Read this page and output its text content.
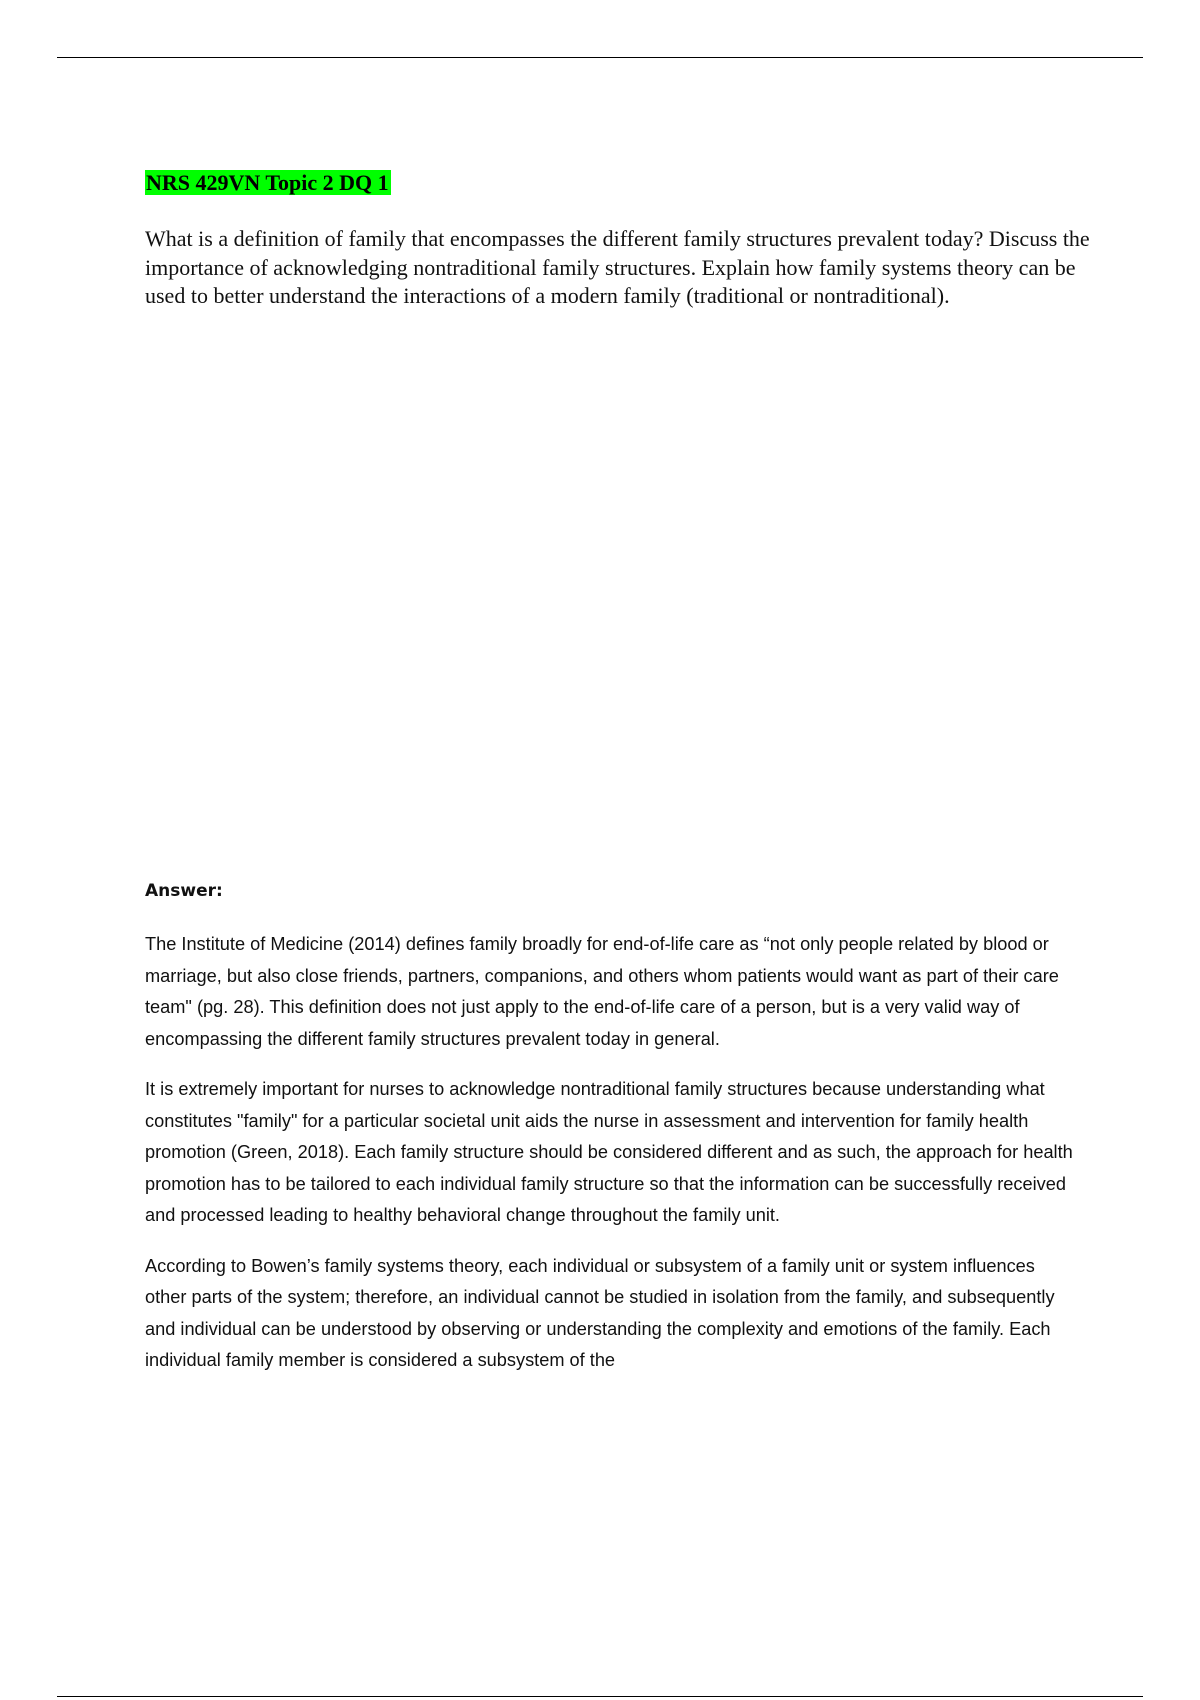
NRS 429VN Topic 2 DQ 1

What is a definition of family that encompasses the different family structures prevalent today? Discuss the importance of acknowledging nontraditional family structures. Explain how family systems theory can be used to better understand the interactions of a modern family (traditional or nontraditional).

Answer:

The Institute of Medicine (2014) defines family broadly for end-of-life care as “not only people related by blood or marriage, but also close friends, partners, companions, and others whom patients would want as part of their care team" (pg. 28). This definition does not just apply to the end-of-life care of a person, but is a very valid way of encompassing the different family structures prevalent today in general.

It is extremely important for nurses to acknowledge nontraditional family structures because understanding what constitutes "family" for a particular societal unit aids the nurse in assessment and intervention for family health promotion (Green, 2018). Each family structure should be considered different and as such, the approach for health promotion has to be tailored to each individual family structure so that the information can be successfully received and processed leading to healthy behavioral change throughout the family unit.

According to Bowen’s family systems theory, each individual or subsystem of a family unit or system influences other parts of the system; therefore, an individual cannot be studied in isolation from the family, and subsequently and individual can be understood by observing or understanding the complexity and emotions of the family. Each individual family member is considered a subsystem of the
